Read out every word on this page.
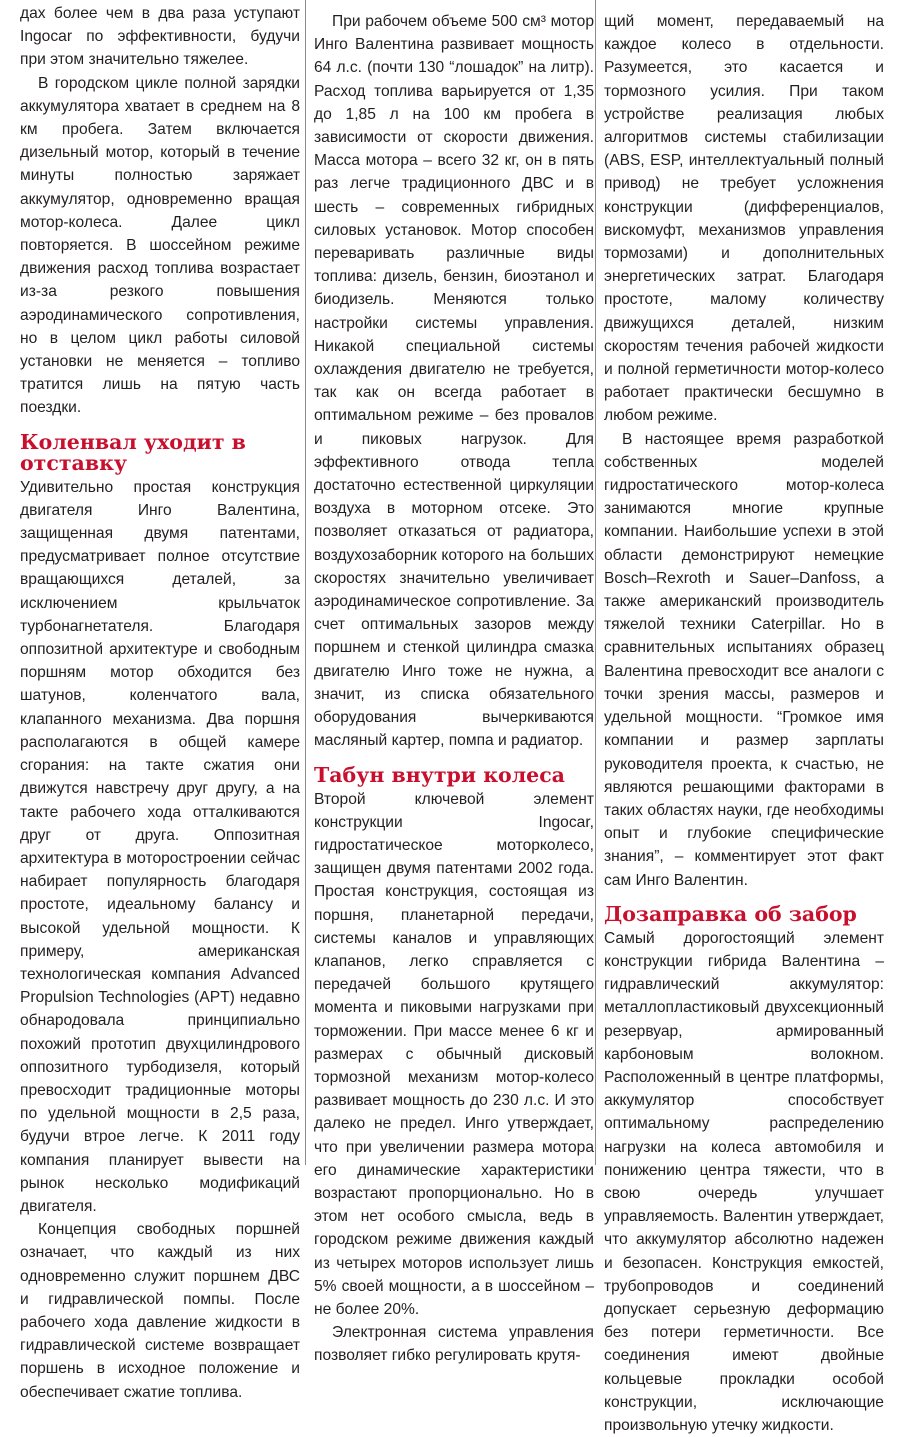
дах более чем в два раза уступают Ingocar по эффективности, будучи при этом значительно тяжелее.

В городском цикле полной зарядки аккумулятора хватает в среднем на 8 км пробега. Затем включается дизельный мотор, который в течение минуты полностью заряжает аккумулятор, одновременно вращая мотор-колеса. Далее цикл повторяется. В шоссейном режиме движения расход топлива возрастает из-за резкого повышения аэродинамического сопротивления, но в целом цикл работы силовой установки не меняется – топливо тратится лишь на пятую часть поездки.

Коленвал уходит в отставку

Удивительно простая конструкция двигателя Инго Валентина, защищенная двумя патентами, предусматривает полное отсутствие вращающихся деталей, за исключением крыльчаток турбонагнетателя. Благодаря оппозитной архитектуре и свободным поршням мотор обходится без шатунов, коленчатого вала, клапанного механизма. Два поршня располагаются в общей камере сгорания: на такте сжатия они движутся навстречу друг другу, а на такте рабочего хода отталкиваются друг от друга. Оппозитная архитектура в моторостроении сейчас набирает популярность благодаря простоте, идеальному балансу и высокой удельной мощности. К примеру, американская технологическая компания Advanced Propulsion Technologies (APT) недавно обнародовала принципиально похожий прототип двухцилиндрового оппозитного турбодизеля, который превосходит традиционные моторы по удельной мощности в 2,5 раза, будучи втрое легче. К 2011 году компания планирует вывести на рынок несколько модификаций двигателя.

Концепция свободных поршней означает, что каждый из них одновременно служит поршнем ДВС и гидравлической помпы. После рабочего хода давление жидкости в гидравлической системе возвращает поршень в исходное положение и обеспечивает сжатие топлива.

При рабочем объеме 500 см³ мотор Инго Валентина развивает мощность 64 л.с. (почти 130 “лошадок” на литр). Расход топлива варьируется от 1,35 до 1,85 л на 100 км пробега в зависимости от скорости движения. Масса мотора – всего 32 кг, он в пять раз легче традиционного ДВС и в шесть – современных гибридных силовых установок. Мотор способен переваривать различные виды топлива: дизель, бензин, биоэтанол и биодизель. Меняются только настройки системы управления. Никакой специальной системы охлаждения двигателю не требуется, так как он всегда работает в оптимальном режиме – без провалов и пиковых нагрузок. Для эффективного отвода тепла достаточно естественной циркуляции воздуха в моторном отсеке. Это позволяет отказаться от радиатора, воздухозаборник которого на больших скоростях значительно увеличивает аэродинамическое сопротивление. За счет оптимальных зазоров между поршнем и стенкой цилиндра смазка двигателю Инго тоже не нужна, а значит, из списка обязательного оборудования вычеркиваются масляный картер, помпа и радиатор.

Табун внутри колеса

Второй ключевой элемент конструкции Ingocar, гидростатическое моторколесо, защищен двумя патентами 2002 года. Простая конструкция, состоящая из поршня, планетарной передачи, системы каналов и управляющих клапанов, легко справляется с передачей большого крутящего момента и пиковыми нагрузками при торможении. При массе менее 6 кг и размерах с обычный дисковый тормозной механизм мотор-колесо развивает мощность до 230 л.с. И это далеко не предел. Инго утверждает, что при увеличении размера мотора его динамические характеристики возрастают пропорционально. Но в этом нет особого смысла, ведь в городском режиме движения каждый из четырех моторов использует лишь 5% своей мощности, а в шоссейном – не более 20%.

Электронная система управления позволяет гибко регулировать крутя-

щий момент, передаваемый на каждое колесо в отдельности. Разумеется, это касается и тормозного усилия. При таком устройстве реализация любых алгоритмов системы стабилизации (ABS, ESP, интеллектуальный полный привод) не требует усложнения конструкции (дифференциалов, вискомуфт, механизмов управления тормозами) и дополнительных энергетических затрат. Благодаря простоте, малому количеству движущихся деталей, низким скоростям течения рабочей жидкости и полной герметичности мотор-колесо работает практически бесшумно в любом режиме.

В настоящее время разработкой собственных моделей гидростатического мотор-колеса занимаются многие крупные компании. Наибольшие успехи в этой области демонстрируют немецкие Bosch–Rexroth и Sauer–Danfoss, а также американский производитель тяжелой техники Caterpillar. Но в сравнительных испытаниях образец Валентина превосходит все аналоги с точки зрения массы, размеров и удельной мощности. “Громкое имя компании и размер зарплаты руководителя проекта, к счастью, не являются решающими факторами в таких областях науки, где необходимы опыт и глубокие специфические знания”, – комментирует этот факт сам Инго Валентин.

Дозаправка об забор

Самый дорогостоящий элемент конструкции гибрида Валентина – гидравлический аккумулятор: металлопластиковый двухсекционный резервуар, армированный карбоновым волокном. Расположенный в центре платформы, аккумулятор способствует оптимальному распределению нагрузки на колеса автомобиля и понижению центра тяжести, что в свою очередь улучшает управляемость. Валентин утверждает, что аккумулятор абсолютно надежен и безопасен. Конструкция емкостей, трубопроводов и соединений допускает серьезную деформацию без потери герметичности. Все соединения имеют двойные кольцевые прокладки особой конструкции, исключающие произвольную утечку жидкости.
